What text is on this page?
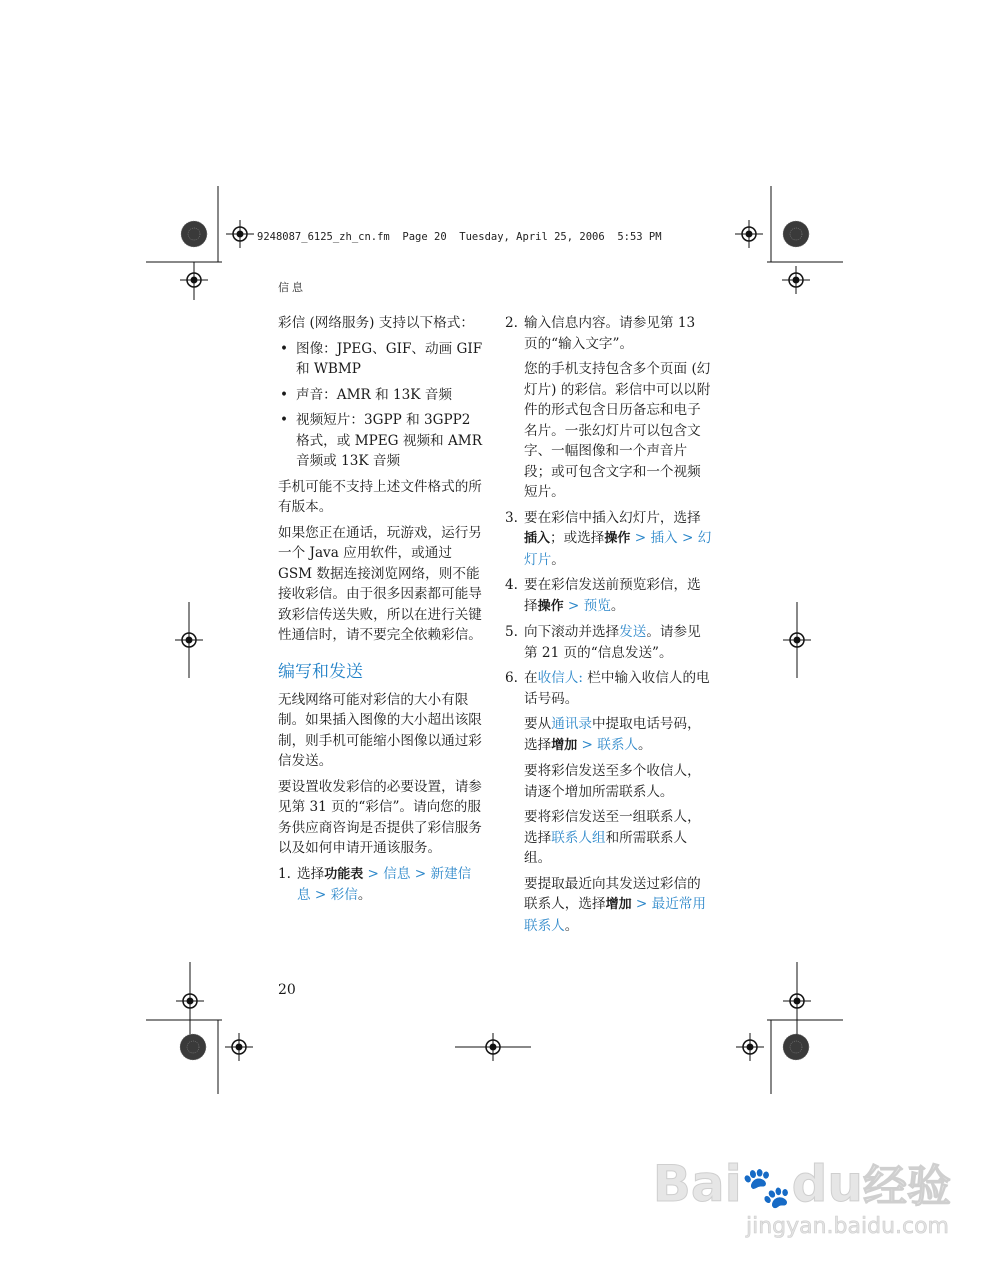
9248087_6125_zh_cn.fm  Page 20  Tuesday, April 25, 2006  5:53 PM
信息

彩信 (网络服务) 支持以下格式：

• 图像：JPEG、GIF、动画 GIF 和 WBMP
• 声音：AMR 和 13K 音频
• 视频短片：3GPP 和 3GPP2 格式，或 MPEG 视频和 AMR 音频或 13K 音频

手机可能不支持上述文件格式的所有版本。

如果您正在通话，玩游戏，运行另一个 Java 应用软件，或通过 GSM 数据连接浏览网络，则不能接收彩信。由于很多因素都可能导致彩信传送失败，所以在进行关键性通信时，请不要完全依赖彩信。

编写和发送

无线网络可能对彩信的大小有限制。如果插入图像的大小超出该限制，则手机可能缩小图像以通过彩信发送。

要设置收发彩信的必要设置，请参见第 31 页的“彩信”。请向您的服务供应商咨询是否提供了彩信服务以及如何申请开通该服务。

1. 选择功能表 > 信息 > 新建信息 > 彩信。
2. 输入信息内容。请参见第 13 页的“输入文字”。

您的手机支持包含多个页面 (幻灯片) 的彩信。彩信中可以以附件的形式包含日历备忘和电子名片。一张幻灯片可以包含文字、一幅图像和一个声音片段；或可包含文字和一个视频短片。

3. 要在彩信中插入幻灯片，选择插入；或选择操作 > 插入 > 幻灯片。
4. 要在彩信发送前预览彩信，选择操作 > 预览。
5. 向下滚动并选择发送。请参见第 21 页的“信息发送”。
6. 在收信人: 栏中输入收信人的电话号码。

要从通讯录中提取电话号码，选择增加 > 联系人。

要将彩信发送至多个收信人，请逐个增加所需联系人。

要将彩信发送至一组联系人，选择联系人组和所需联系人组。

要提取最近向其发送过彩信的联系人，选择增加 > 最近常用联系人。

20
Bai🐾du经验
jingyan.baidu.com
